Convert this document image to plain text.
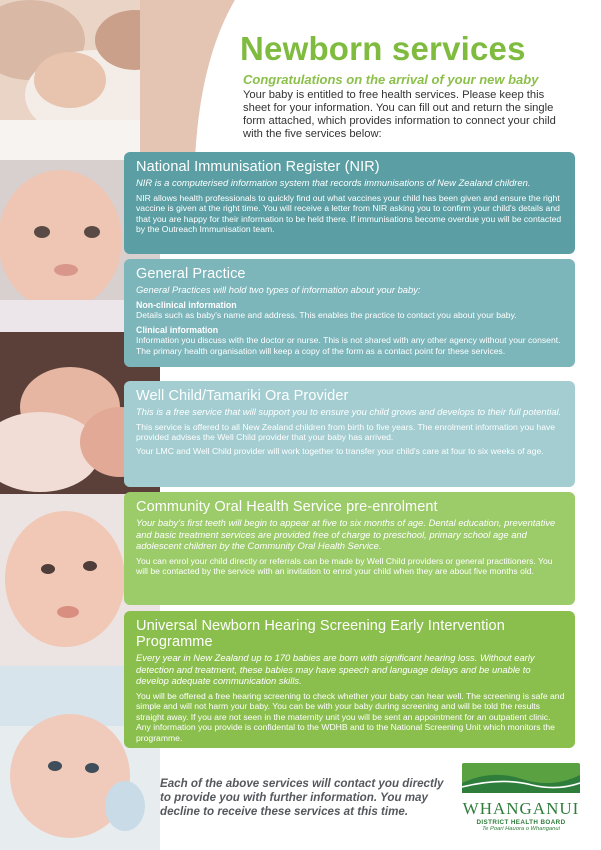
Newborn services

Congratulations on the arrival of your new baby

Your baby is entitled to free health services. Please keep this sheet for your information. You can fill out and return the single form attached, which provides information to connect your child with the five services below:

National Immunisation Register (NIR)

NIR is a computerised information system that records immunisations of New Zealand children.

NIR allows health professionals to quickly find out what vaccines your child has been given and ensure the right vaccine is given at the right time. You will receive a letter from NIR asking you to confirm your child's details and that you are happy for their information to be held there. If immunisations become overdue you will be contacted by the Outreach Immunisation team.

General Practice

General Practices will hold two types of information about your baby:

Non-clinical information

Details such as baby's name and address. This enables the practice to contact you about your baby.

Clinical information

Information you discuss with the doctor or nurse. This is not shared with any other agency without your consent. The primary health organisation will keep a copy of the form as a contact point for these services.

Well Child/Tamariki Ora Provider

This is a free service that will support you to ensure you child grows and develops to their full potential.

This service is offered to all New Zealand children from birth to five years. The enrolment information you have provided advises the Well Child provider that your baby has arrived.

Your LMC and Well Child provider will work together to transfer your child's care at four to six weeks of age.

Community Oral Health Service pre-enrolment

Your baby's first teeth will begin to appear at five to six months of age. Dental education, preventative and basic treatment services are provided free of charge to preschool, primary school age and adolescent children by the Community Oral Health Service.

You can enrol your child directly or referrals can be made by Well Child providers or general practitioners. You will be contacted by the service with an invitation to enrol your child when they are about five months old.

Universal Newborn Hearing Screening Early Intervention Programme

Every year in New Zealand up to 170 babies are born with significant hearing loss. Without early detection and treatment, these babies may have speech and language delays and be unable to develop adequate communication skills.

You will be offered a free hearing screening to check whether your baby can hear well. The screening is safe and simple and will not harm your baby. You can be with your baby during screening and will be told the results straight away. If you are not seen in the maternity unit you will be sent an appointment for an outpatient clinic. Any information you provide is confidental to the WDHB and to the National Screening Unit which monitors the programme.

Each of the above services will contact you directly to provide you with further information. You may decline to receive these services at this time.	WHANGANUI
DISTRICT HEALTH BOARD
Te Poari Hauora o Whanganui
